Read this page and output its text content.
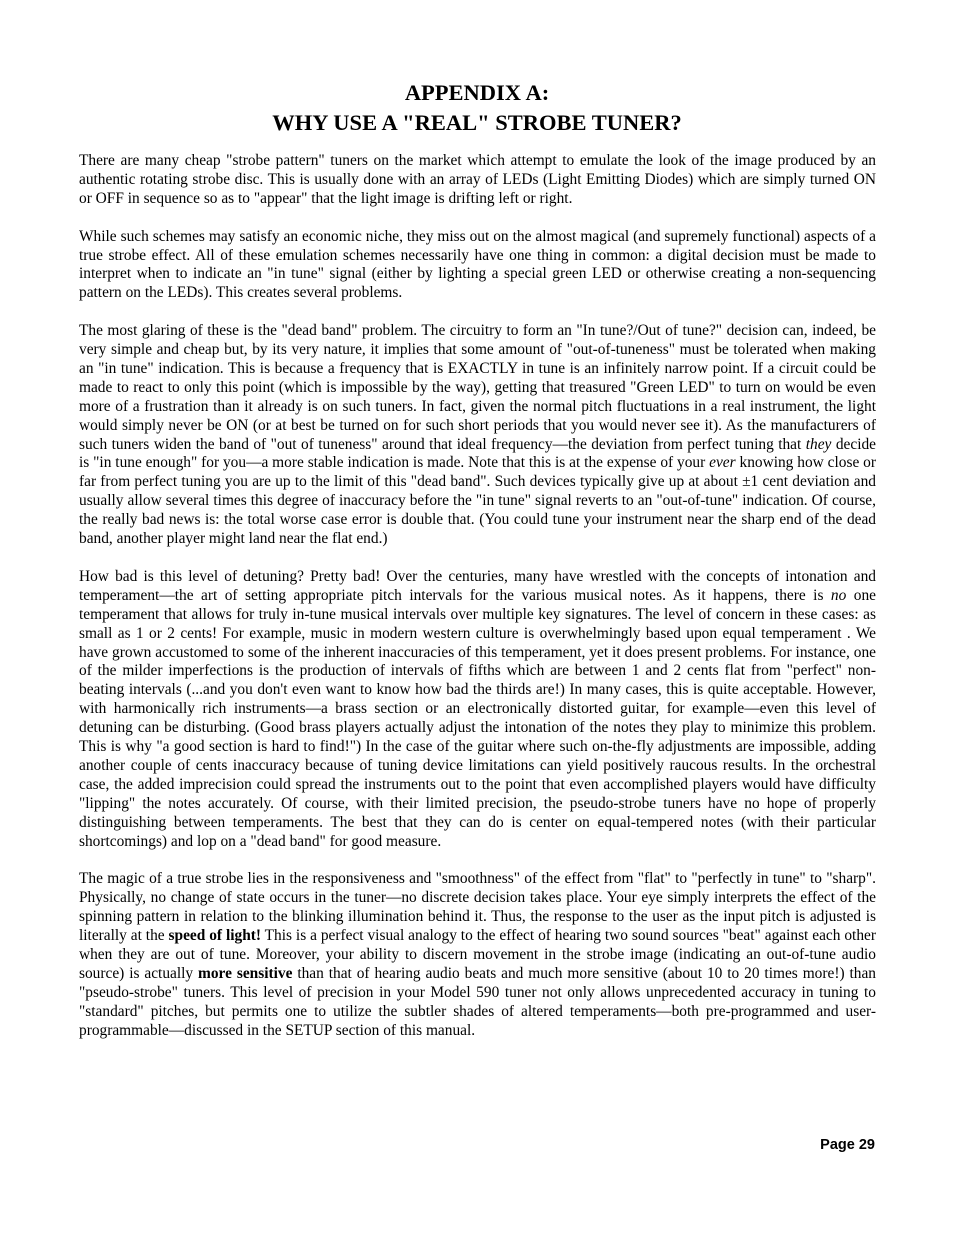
APPENDIX A:
WHY USE A "REAL" STROBE TUNER?

There are many cheap "strobe pattern" tuners on the market which attempt to emulate the look of the image produced by an authentic rotating strobe disc. This is usually done with an array of LEDs (Light Emitting Diodes) which are simply turned ON or OFF in sequence so as to "appear" that the light image is drifting left or right.

While such schemes may satisfy an economic niche, they miss out on the almost magical (and supremely functional) aspects of a true strobe effect. All of these emulation schemes necessarily have one thing in common: a digital decision must be made to interpret when to indicate an "in tune" signal (either by lighting a special green LED or otherwise creating a non-sequencing pattern on the LEDs). This creates several problems.

The most glaring of these is the "dead band" problem. The circuitry to form an "In tune?/Out of tune?" decision can, indeed, be very simple and cheap but, by its very nature, it implies that some amount of "out-of-tuneness" must be tolerated when making an "in tune" indication. This is because a frequency that is EXACTLY in tune is an infinitely narrow point. If a circuit could be made to react to only this point (which is impossible by the way), getting that treasured "Green LED" to turn on would be even more of a frustration than it already is on such tuners. In fact, given the normal pitch fluctuations in a real instrument, the light would simply never be ON (or at best be turned on for such short periods that you would never see it). As the manufacturers of such tuners widen the band of "out of tuneness" around that ideal frequency—the deviation from perfect tuning that they decide is "in tune enough" for you—a more stable indication is made. Note that this is at the expense of your ever knowing how close or far from perfect tuning you are up to the limit of this "dead band". Such devices typically give up at about ±1 cent deviation and usually allow several times this degree of inaccuracy before the "in tune" signal reverts to an "out-of-tune" indication. Of course, the really bad news is: the total worse case error is double that. (You could tune your instrument near the sharp end of the dead band, another player might land near the flat end.)

How bad is this level of detuning? Pretty bad! Over the centuries, many have wrestled with the concepts of intonation and temperament—the art of setting appropriate pitch intervals for the various musical notes. As it happens, there is no one temperament that allows for truly in-tune musical intervals over multiple key signatures. The level of concern in these cases: as small as 1 or 2 cents! For example, music in modern western culture is overwhelmingly based upon equal temperament . We have grown accustomed to some of the inherent inaccuracies of this temperament, yet it does present problems. For instance, one of the milder imperfections is the production of intervals of fifths which are between 1 and 2 cents flat from "perfect" non-beating intervals (...and you don't even want to know how bad the thirds are!) In many cases, this is quite acceptable. However, with harmonically rich instruments—a brass section or an electronically distorted guitar, for example—even this level of detuning can be disturbing. (Good brass players actually adjust the intonation of the notes they play to minimize this problem. This is why "a good section is hard to find!") In the case of the guitar where such on-the-fly adjustments are impossible, adding another couple of cents inaccuracy because of tuning device limitations can yield positively raucous results. In the orchestral case, the added imprecision could spread the instruments out to the point that even accomplished players would have difficulty "lipping" the notes accurately. Of course, with their limited precision, the pseudo-strobe tuners have no hope of properly distinguishing between temperaments. The best that they can do is center on equal-tempered notes (with their particular shortcomings) and lop on a "dead band" for good measure.

The magic of a true strobe lies in the responsiveness and "smoothness" of the effect from "flat" to "perfectly in tune" to "sharp". Physically, no change of state occurs in the tuner—no discrete decision takes place. Your eye simply interprets the effect of the spinning pattern in relation to the blinking illumination behind it. Thus, the response to the user as the input pitch is adjusted is literally at the speed of light! This is a perfect visual analogy to the effect of hearing two sound sources "beat" against each other when they are out of tune. Moreover, your ability to discern movement in the strobe image (indicating an out-of-tune audio source) is actually more sensitive than that of hearing audio beats and much more sensitive (about 10 to 20 times more!) than "pseudo-strobe" tuners. This level of precision in your Model 590 tuner not only allows unprecedented accuracy in tuning to "standard" pitches, but permits one to utilize the subtler shades of altered temperaments—both pre-programmed and user-programmable—discussed in the SETUP section of this manual.

Page 29
